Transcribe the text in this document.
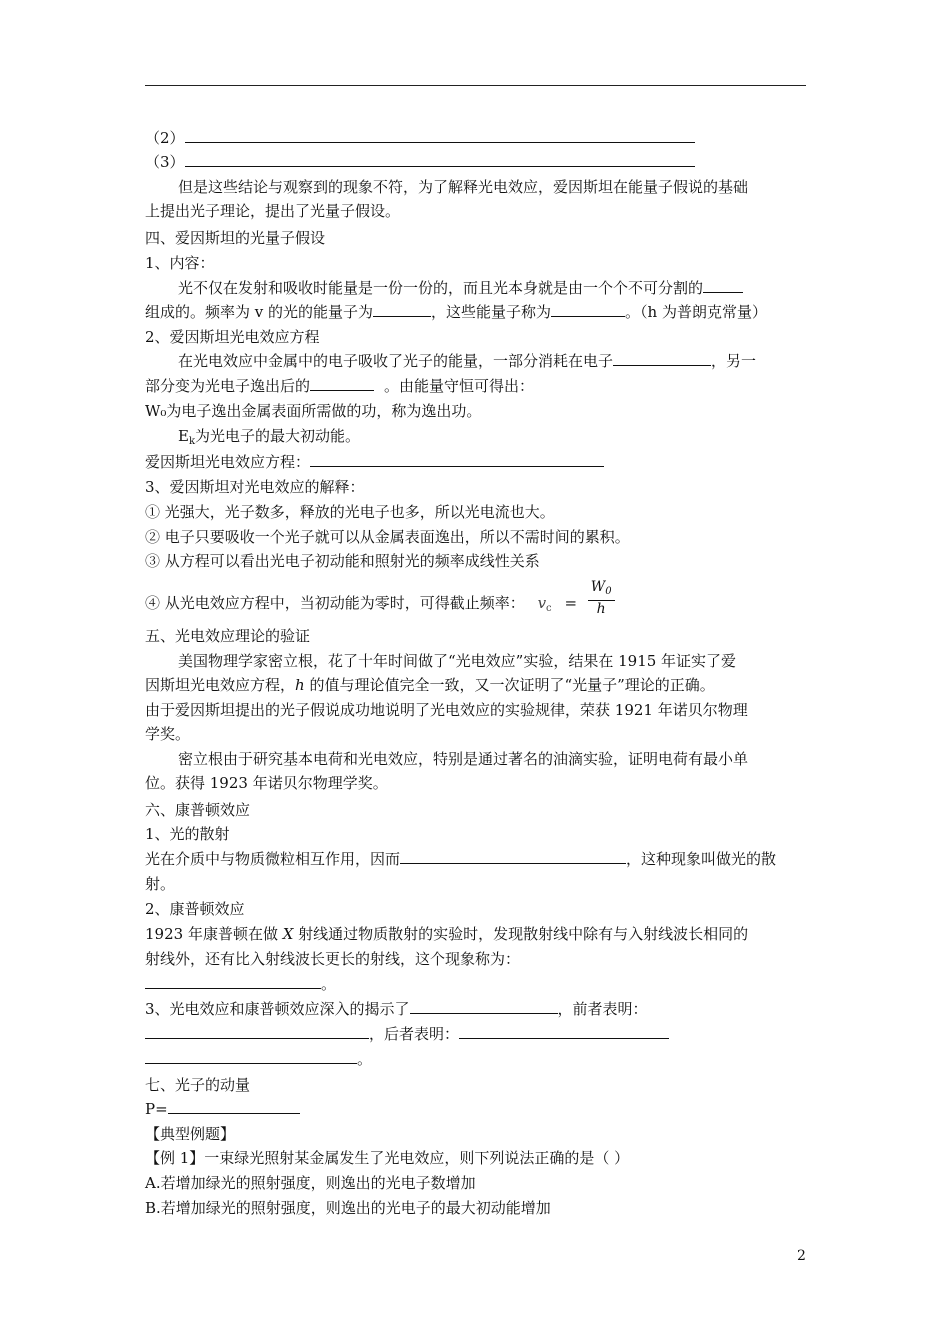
（2）
（3）
但是这些结论与观察到的现象不符，为了解释光电效应，爱因斯坦在能量子假说的基础
上提出光子理论，提出了光量子假设。
四、爱因斯坦的光量子假设
1、内容：
光不仅在发射和吸收时能量是一份一份的，而且光本身就是由一个个不可分割的
组成的。频率为 v 的光的能量子为	，这些能量子称为	。（h 为普朗克常量）
2、爱因斯坦光电效应方程
在光电效应中金属中的电子吸收了光子的能量，一部分消耗在电子	，另一
部分变为光电子逸出后的	。由能量守恒可得出：
W₀为电子逸出金属表面所需做的功，称为逸出功。
$E_k$为光电子的最大初动能。
爱因斯坦光电效应方程：
3、爱因斯坦对光电效应的解释：
① 光强大，光子数多，释放的光电子也多，所以光电流也大。
② 电子只要吸收一个光子就可以从金属表面逸出，所以不需时间的累积。
③ 从方程可以看出光电子初动能和照射光的频率成线性关系
④ 从光电效应方程中，当初动能为零时，可得截止频率： $v_c = \frac{W_0}{h}$
五、光电效应理论的验证
美国物理学家密立根，花了十年时间做了“光电效应”实验，结果在 1915 年证实了爱
因斯坦光电效应方程，h 的值与理论值完全一致，又一次证明了“光量子”理论的正确。
由于爱因斯坦提出的光子假说成功地说明了光电效应的实验规律，荣获 1921 年诺贝尔物理
学奖。
密立根由于研究基本电荷和光电效应，特别是通过著名的油滴实验，证明电荷有最小单
位。获得 1923 年诺贝尔物理学奖。
六、康普顿效应
1、光的散射
光在介质中与物质微粒相互作用，因而	，这种现象叫做光的散
射。
2、康普顿效应
1923 年康普顿在做 X 射线通过物质散射的实验时，发现散射线中除有与入射线波长相同的
射线外，还有比入射线波长更长的射线，这个现象称为：
。
3、光电效应和康普顿效应深入的揭示了	，前者表明：
，后者表明：
。
七、光子的动量
P=
【典型例题】
【例 1】一束绿光照射某金属发生了光电效应，则下列说法正确的是（ ）
A.若增加绿光的照射强度，则逸出的光电子数增加
B.若增加绿光的照射强度，则逸出的光电子的最大初动能增加
2
